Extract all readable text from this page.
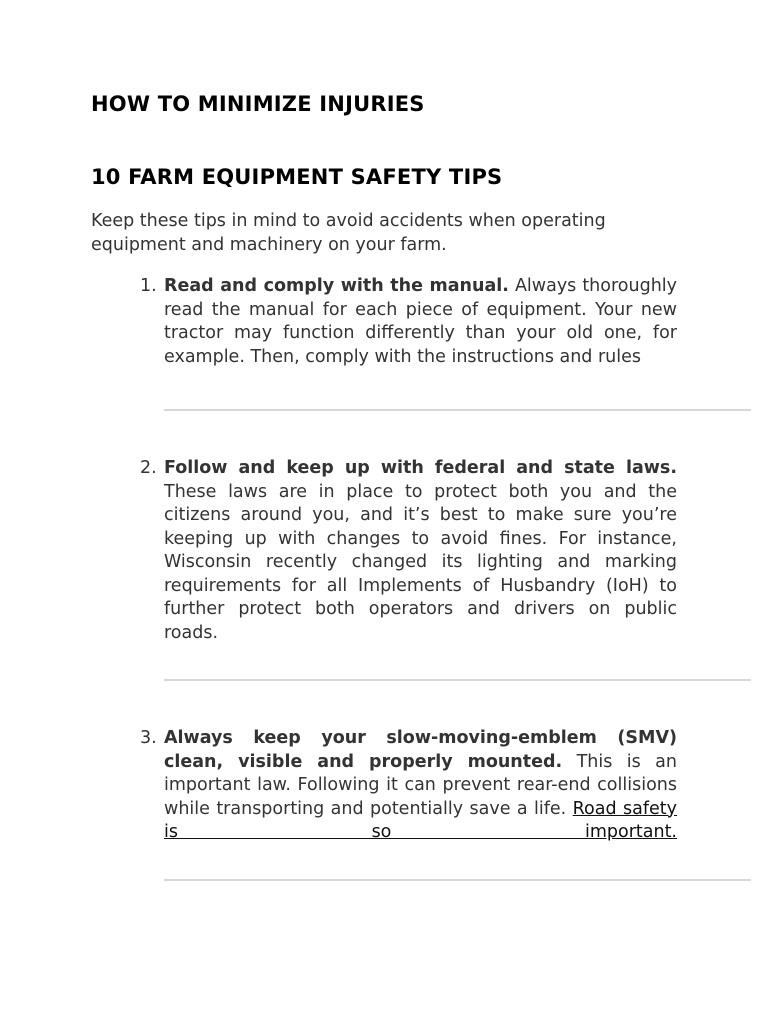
HOW TO MINIMIZE INJURIES
10 FARM EQUIPMENT SAFETY TIPS

Keep these tips in mind to avoid accidents when operating equipment and machinery on your farm.

1. Read and comply with the manual. Always thoroughly read the manual for each piece of equipment. Your new tractor may function differently than your old one, for example. Then, comply with the instructions and rules
2. Follow and keep up with federal and state laws. These laws are in place to protect both you and the citizens around you, and it’s best to make sure you’re keeping up with changes to avoid fines. For instance, Wisconsin recently changed its lighting and marking requirements for all Implements of Husbandry (IoH) to further protect both operators and drivers on public roads.
3. Always keep your slow-moving-emblem (SMV) clean, visible and properly mounted. This is an important law. Following it can prevent rear-end collisions while transporting and potentially save a life. Road safety is so important.
